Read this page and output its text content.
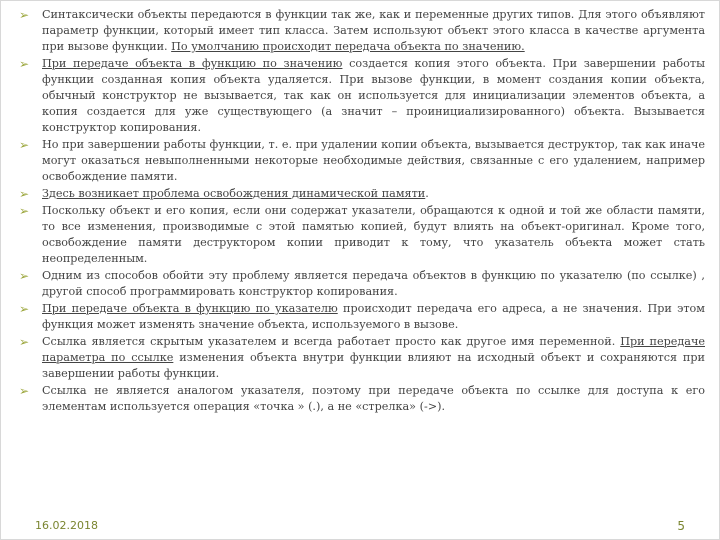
➢ Синтаксически объекты передаются в функции так же, как и переменные других типов. Для этого объявляют параметр функции, который имеет тип класса. Затем используют объект этого класса в качестве аргумента при вызове функции. По умолчанию происходит передача объекта по значению.
➢ При передаче объекта в функцию по значению создается копия этого объекта. При завершении работы функции созданная копия объекта удаляется. При вызове функции, в момент создания копии объекта, обычный конструктор не вызывается, так как он используется для инициализации элементов объекта, а копия создается для уже существующего (а значит – проинициализированного) объекта. Вызывается конструктор копирования.
➢ Но при завершении работы функции, т. е. при удалении копии объекта, вызывается деструктор, так как иначе могут оказаться невыполненными некоторые необходимые действия, связанные с его удалением, например освобождение памяти.
➢ Здесь возникает проблема освобождения динамической памяти.
➢ Поскольку объект и его копия, если они содержат указатели, обращаются к одной и той же области памяти, то все изменения, производимые с этой памятью копией, будут влиять на объект-оригинал. Кроме того, освобождение памяти деструктором копии приводит к тому, что указатель объекта может стать неопределенным.
➢ Одним из способов обойти эту проблему является передача объектов в функцию по указателю (по ссылке) , другой способ программировать конструктор копирования.
➢ При передаче объекта в функцию по указателю происходит передача его адреса, а не значения. При этом функция может изменять значение объекта, используемого в вызове.
➢ Ссылка является скрытым указателем и всегда работает просто как другое имя переменной. При передаче параметра по ссылке изменения объекта внутри функции влияют на исходный объект и сохраняются при завершении работы функции.
➢ Ссылка не является аналогом указателя, поэтому при передаче объекта по ссылке для доступа к его элементам используется операция «точка » (.), а не «стрелка» (->).
16.02.2018	5
